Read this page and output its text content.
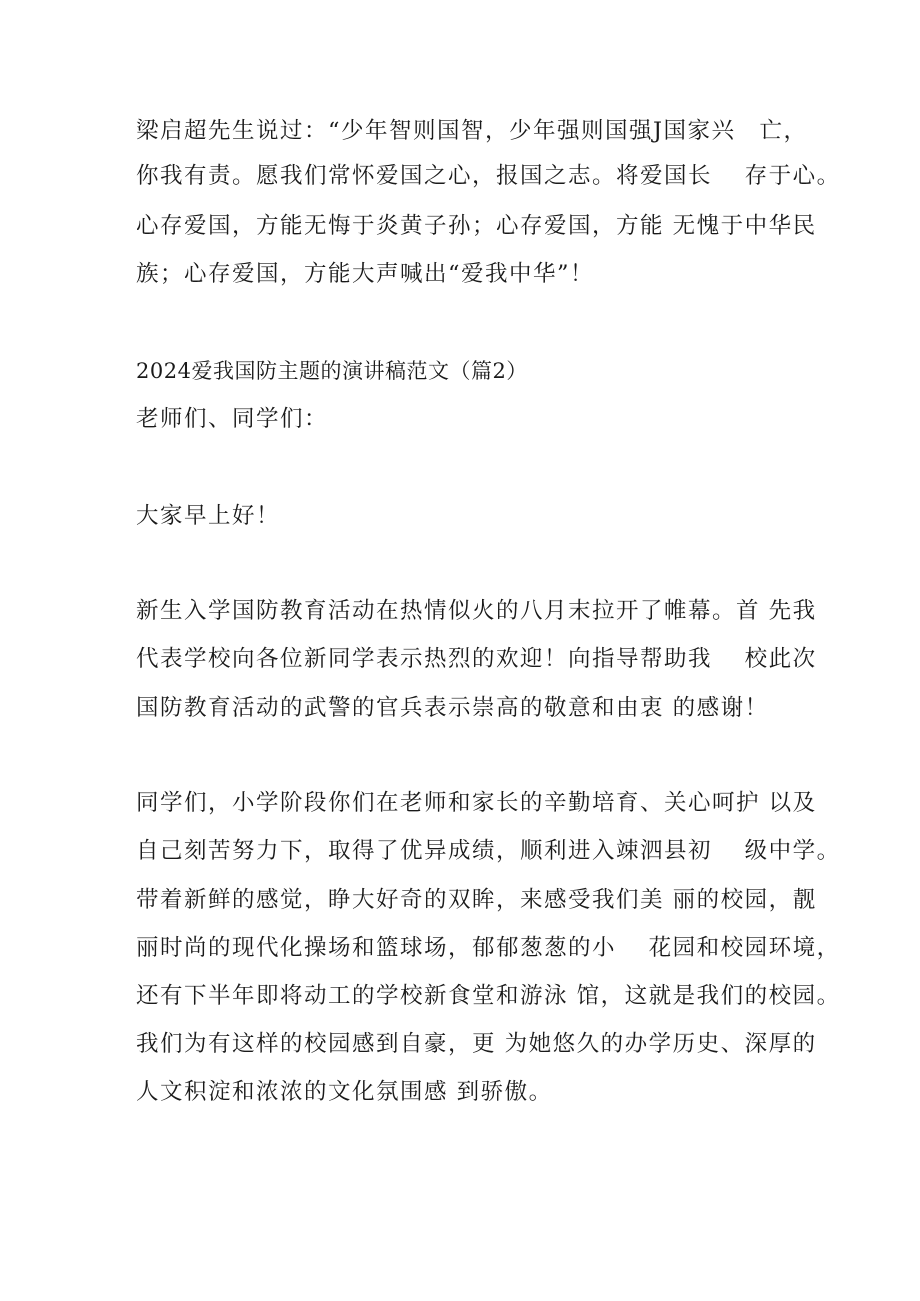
梁启超先生说过：“少年智则国智，少年强则国强J国家兴　亡，
你我有责。愿我们常怀爱国之心，报国之志。将爱国长　 存于心。
心存爱国，方能无悔于炎黄子孙；心存爱国，方能 无愧于中华民
族；心存爱国，方能大声喊出“爱我中华”！
2024爱我国防主题的演讲稿范文（篇2）
老师们、同学们：
大家早上好！
新生入学国防教育活动在热情似火的八月末拉开了帷幕。首 先我
代表学校向各位新同学表示热烈的欢迎！向指导帮助我　 校此次
国防教育活动的武警的官兵表示崇高的敬意和由衷 的感谢！
同学们，小学阶段你们在老师和家长的辛勤培育、关心呵护 以及
自己刻苦努力下，取得了优异成绩，顺利进入竦泗县初　 级中学。
带着新鲜的感觉，睁大好奇的双眸，来感受我们美 丽的校园，靓
丽时尚的现代化操场和篮球场，郁郁葱葱的小　 花园和校园环境，
还有下半年即将动工的学校新食堂和游泳 馆，这就是我们的校园。
我们为有这样的校园感到自豪，更 为她悠久的办学历史、深厚的
人文积淀和浓浓的文化氛围感 到骄傲。
